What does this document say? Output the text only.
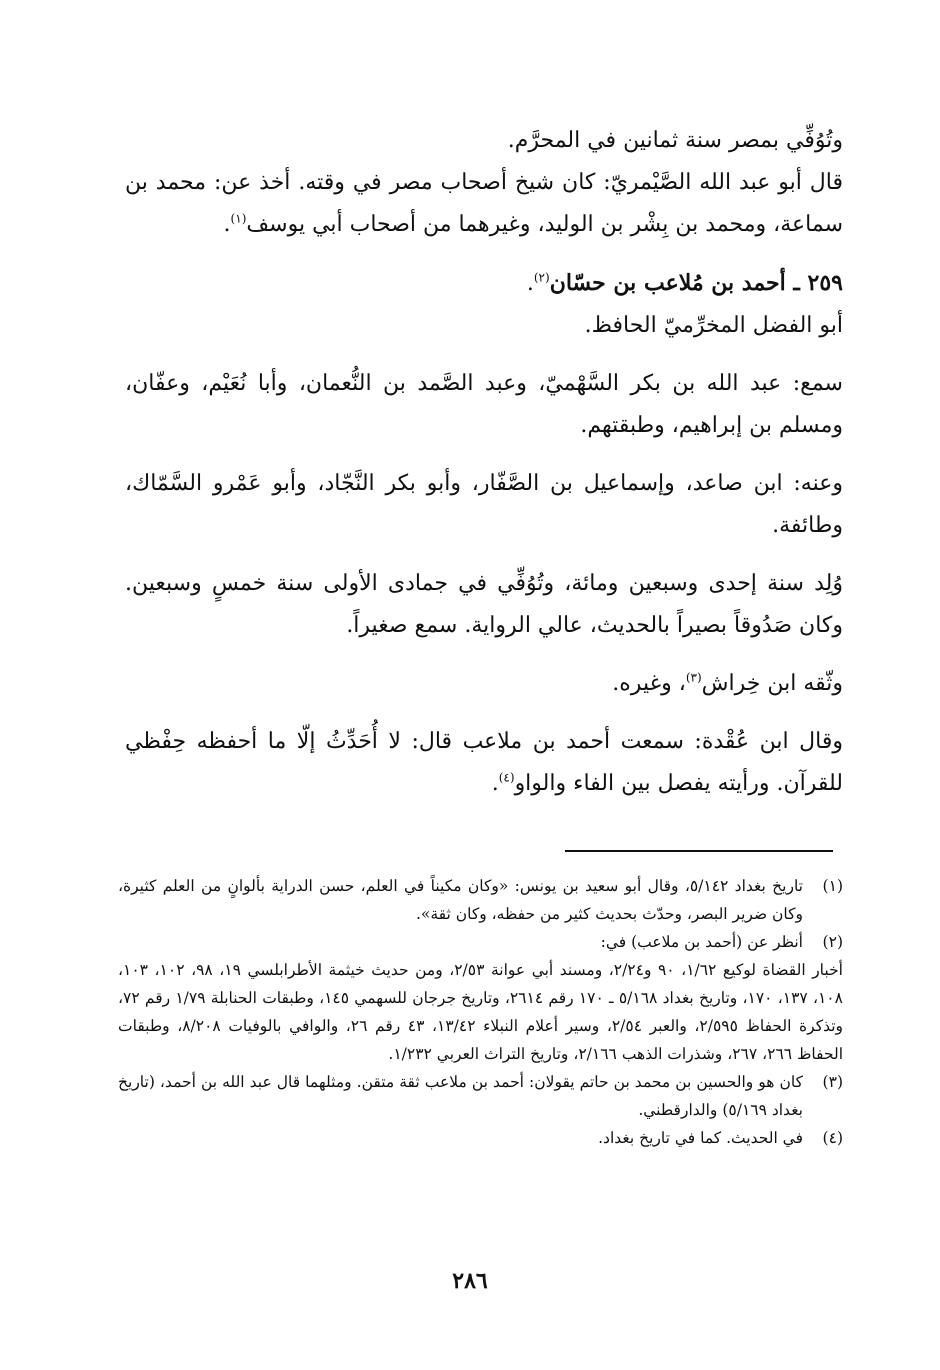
وتُوُفِّي بمصر سنة ثمانين في المحرَّم.

قال أبو عبد الله الصَّيْمريّ: كان شيخ أصحاب مصر في وقته. أخذ عن: محمد بن سماعة، ومحمد بن بِشْر بن الوليد، وغيرهما من أصحاب أبي يوسف$^{(١)}$.

٢٥٩ ـ أحمد بن مُلاعب بن حسّان$^{(٢)}$.

أبو الفضل المخرِّميّ الحافظ.

سمع: عبد الله بن بكر السَّهْميّ، وعبد الصَّمد بن النُّعمان، وأبا نُعَيْم، وعفّان، ومسلم بن إبراهيم، وطبقتهم.

وعنه: ابن صاعد، وإسماعيل بن الصَّفّار، وأبو بكر النَّجّاد، وأبو عَمْرو السَّمّاك، وطائفة.

وُلِد سنة إحدى وسبعين ومائة، وتُوُفِّي في جمادى الأولى سنة خمسٍ وسبعين. وكان صَدُوقاً بصيراً بالحديث، عالي الرواية. سمع صغيراً.

وثّقه ابن خِراش$^{(٣)}$، وغيره.

وقال ابن عُقْدة: سمعت أحمد بن ملاعب قال: لا أُحَدِّثُ إلّا ما أحفظه حِفْظي للقرآن. ورأيته يفصل بين الفاء والواو$^{(٤)}$.

(١)
تاريخ بغداد ٥/١٤٢، وقال أبو سعيد بن يونس: «وكان مكيناً في العلم، حسن الدراية بألوانٍ من العلم كثيرة، وكان ضرير البصر، وحدّث بحديث كثير من حفظه، وكان ثقة».
(٢)
أنظر عن (أحمد بن ملاعب) في:
أخبار القضاة لوكيع ١/٦٢، ٩٠ و٢/٢٤، ومسند أبي عوانة ٢/٥٣، ومن حديث خيثمة الأطرابلسي ١٩، ٩٨، ١٠٢، ١٠٣، ١٠٨، ١٣٧، ١٧٠، وتاريخ بغداد ٥/١٦٨ ـ ١٧٠ رقم ٢٦١٤، وتاريخ جرجان للسهمي ١٤٥، وطبقات الحنابلة ١/٧٩ رقم ٧٢، وتذكرة الحفاظ ٢/٥٩٥، والعبر ٢/٥٤، وسير أعلام النبلاء ١٣/٤٢، ٤٣ رقم ٢٦، والوافي بالوفيات ٨/٢٠٨، وطبقات الحفاظ ٢٦٦، ٢٦٧، وشذرات الذهب ٢/١٦٦، وتاريخ التراث العربي ١/٢٣٢.
(٣)
كان هو والحسين بن محمد بن حاتم يقولان: أحمد بن ملاعب ثقة متقن. ومثلهما قال عبد الله بن أحمد، (تاريخ بغداد ٥/١٦٩) والدارقطني.
(٤)
في الحديث. كما في تاريخ بغداد.
٢٨٦
